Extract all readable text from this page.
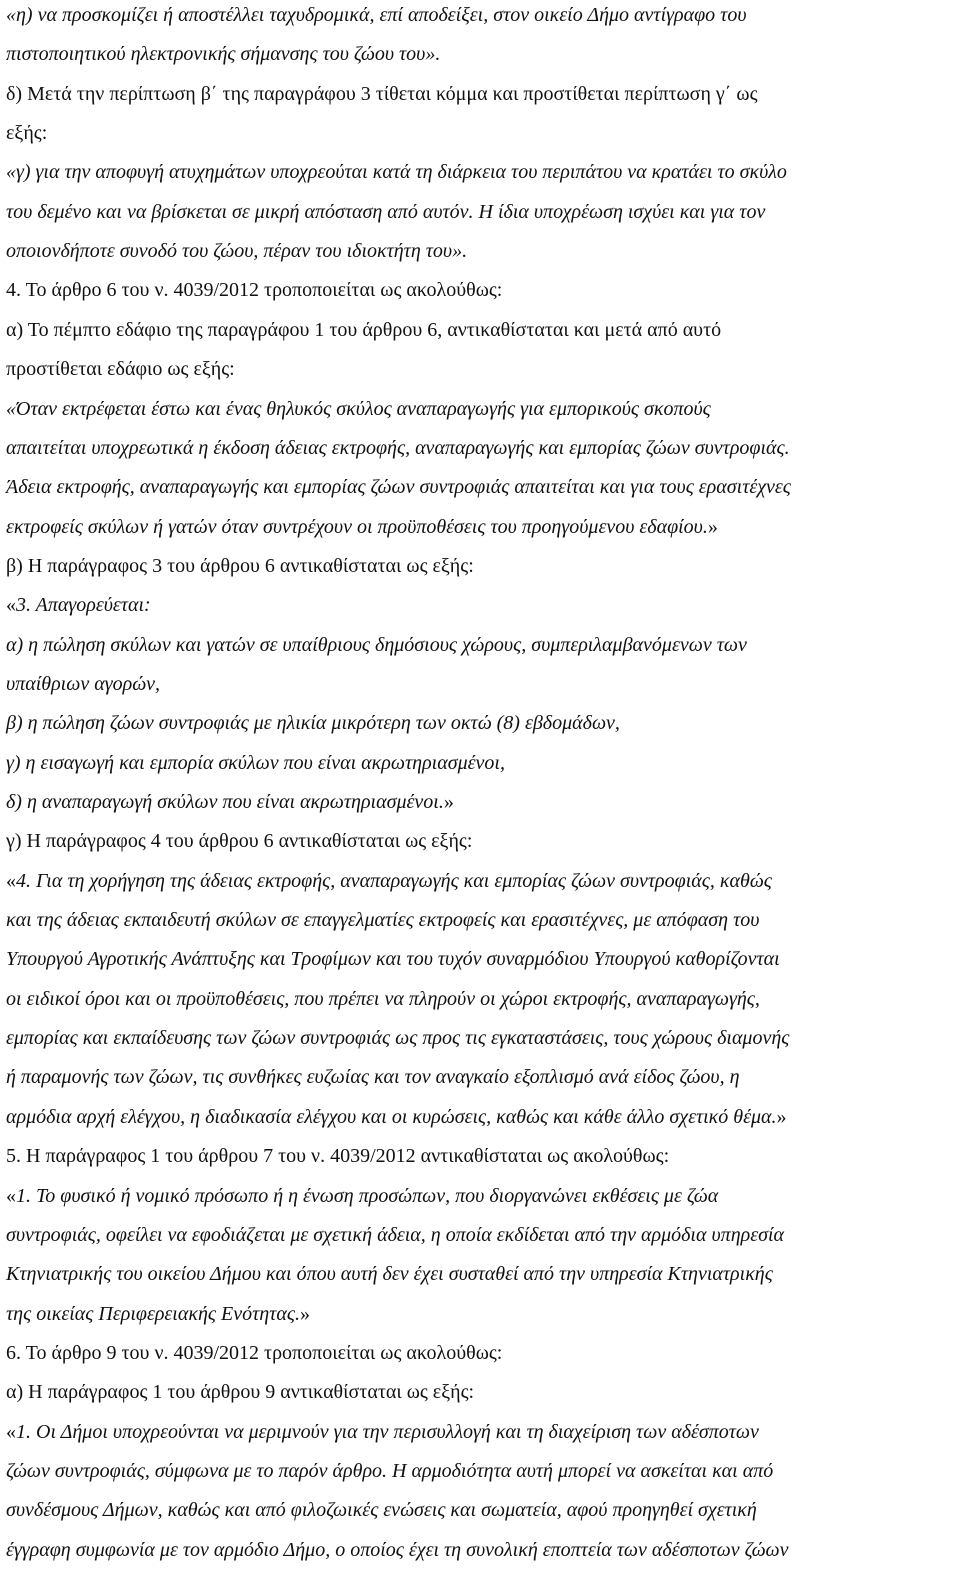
«η) να προσκομίζει ή αποστέλλει ταχυδρομικά, επί αποδείξει, στον οικείο Δήμο αντίγραφο του
πιστοποιητικού ηλεκτρονικής σήμανσης του ζώου του».
δ) Μετά την περίπτωση β΄ της παραγράφου 3 τίθεται κόμμα και προστίθεται περίπτωση γ΄ ως
εξής:
«γ) για την αποφυγή ατυχημάτων υποχρεούται κατά τη διάρκεια του περιπάτου να κρατάει το σκύλο
του δεμένο και να βρίσκεται σε μικρή απόσταση από αυτόν. Η ίδια υποχρέωση ισχύει και για τον
οποιονδήποτε συνοδό του ζώου, πέραν του ιδιοκτήτη του».
4. Το άρθρο 6 του ν. 4039/2012 τροποποιείται ως ακολούθως:
α) Το πέμπτο εδάφιο της παραγράφου 1 του άρθρου 6, αντικαθίσταται και μετά από αυτό
προστίθεται εδάφιο ως εξής:
«Όταν εκτρέφεται έστω και ένας θηλυκός σκύλος αναπαραγωγής για εμπορικούς σκοπούς
απαιτείται υποχρεωτικά η έκδοση άδειας εκτροφής, αναπαραγωγής και εμπορίας ζώων συντροφιάς.
Άδεια εκτροφής, αναπαραγωγής και εμπορίας ζώων συντροφιάς απαιτείται και για τους ερασιτέχνες
εκτροφείς σκύλων ή γατών όταν συντρέχουν οι προϋποθέσεις του προηγούμενου εδαφίου.»
β) Η παράγραφος 3 του άρθρου 6 αντικαθίσταται ως εξής:
«3. Απαγορεύεται:
α) η πώληση σκύλων και γατών σε υπαίθριους δημόσιους χώρους, συμπεριλαμβανόμενων των
υπαίθριων αγορών,
β) η πώληση ζώων συντροφιάς με ηλικία μικρότερη των οκτώ (8) εβδομάδων,
γ) η εισαγωγή και εμπορία σκύλων που είναι ακρωτηριασμένοι,
δ) η αναπαραγωγή σκύλων που είναι ακρωτηριασμένοι.»
γ) Η παράγραφος 4 του άρθρου 6 αντικαθίσταται ως εξής:
«4. Για τη χορήγηση της άδειας εκτροφής, αναπαραγωγής και εμπορίας ζώων συντροφιάς, καθώς
και της άδειας εκπαιδευτή σκύλων σε επαγγελματίες εκτροφείς και ερασιτέχνες, με απόφαση του
Υπουργού Αγροτικής Ανάπτυξης και Τροφίμων και του τυχόν συναρμόδιου Υπουργού καθορίζονται
οι ειδικοί όροι και οι προϋποθέσεις, που πρέπει να πληρούν οι χώροι εκτροφής, αναπαραγωγής,
εμπορίας και εκπαίδευσης των ζώων συντροφιάς ως προς τις εγκαταστάσεις, τους χώρους διαμονής
ή παραμονής των ζώων, τις συνθήκες ευζωίας και τον αναγκαίο εξοπλισμό ανά είδος ζώου, η
αρμόδια αρχή ελέγχου, η διαδικασία ελέγχου και οι κυρώσεις, καθώς και κάθε άλλο σχετικό θέμα.»
5. Η παράγραφος 1 του άρθρου 7 του ν. 4039/2012 αντικαθίσταται ως ακολούθως:
«1. Το φυσικό ή νομικό πρόσωπο ή η ένωση προσώπων, που διοργανώνει εκθέσεις με ζώα
συντροφιάς, οφείλει να εφοδιάζεται με σχετική άδεια, η οποία εκδίδεται από την αρμόδια υπηρεσία
Κτηνιατρικής του οικείου Δήμου και όπου αυτή δεν έχει συσταθεί από την υπηρεσία Κτηνιατρικής
της οικείας Περιφερειακής Ενότητας.»
6. Το άρθρο 9 του ν. 4039/2012 τροποποιείται ως ακολούθως:
α) Η παράγραφος 1 του άρθρου 9 αντικαθίσταται ως εξής:
«1. Οι Δήμοι υποχρεούνται να μεριμνούν για την περισυλλογή και τη διαχείριση των αδέσποτων
ζώων συντροφιάς, σύμφωνα με το παρόν άρθρο. Η αρμοδιότητα αυτή μπορεί να ασκείται και από
συνδέσμους Δήμων, καθώς και από φιλοζωικές ενώσεις και σωματεία, αφού προηγηθεί σχετική
έγγραφη συμφωνία με τον αρμόδιο Δήμο, ο οποίος έχει τη συνολική εποπτεία των αδέσποτων ζώων
